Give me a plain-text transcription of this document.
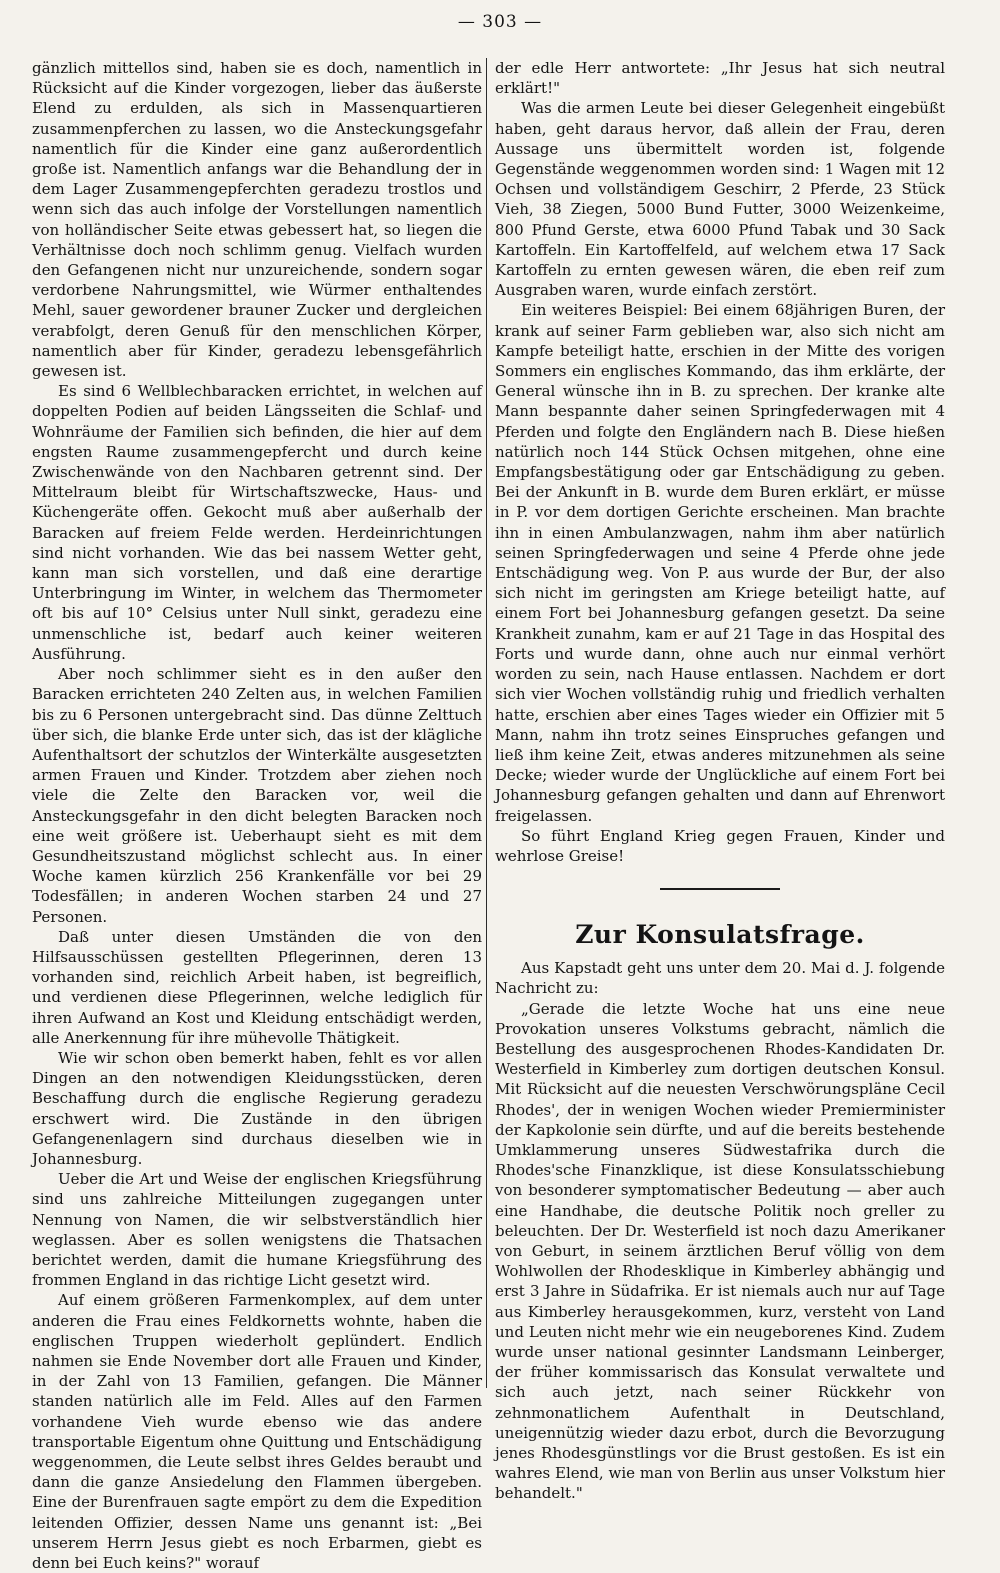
— 303 —

gänzlich mittellos sind, haben sie es doch, namentlich in Rücksicht auf die Kinder vorgezogen, lieber das äußerste Elend zu erdulden, als sich in Massenquartieren zusammenpferchen zu lassen, wo die Ansteckungsgefahr namentlich für die Kinder eine ganz außerordentlich große ist. Namentlich anfangs war die Behandlung der in dem Lager Zusammengepferchten geradezu trostlos und wenn sich das auch infolge der Vorstellungen namentlich von holländischer Seite etwas gebessert hat, so liegen die Verhältnisse doch noch schlimm genug. Vielfach wurden den Gefangenen nicht nur unzureichende, sondern sogar verdorbene Nahrungsmittel, wie Würmer enthaltendes Mehl, sauer gewordener brauner Zucker und dergleichen verabfolgt, deren Genuß für den menschlichen Körper, namentlich aber für Kinder, geradezu lebensgefährlich gewesen ist.

Es sind 6 Wellblechbaracken errichtet, in welchen auf doppelten Podien auf beiden Längsseiten die Schlaf- und Wohnräume der Familien sich befinden, die hier auf dem engsten Raume zusammengepfercht und durch keine Zwischenwände von den Nachbaren getrennt sind. Der Mittelraum bleibt für Wirtschaftszwecke, Haus- und Küchengeräte offen. Gekocht muß aber außerhalb der Baracken auf freiem Felde werden. Herdeinrichtungen sind nicht vorhanden. Wie das bei nassem Wetter geht, kann man sich vorstellen, und daß eine derartige Unterbringung im Winter, in welchem das Thermometer oft bis auf 10° Celsius unter Null sinkt, geradezu eine unmenschliche ist, bedarf auch keiner weiteren Ausführung.

Aber noch schlimmer sieht es in den außer den Baracken errichteten 240 Zelten aus, in welchen Familien bis zu 6 Personen untergebracht sind. Das dünne Zelttuch über sich, die blanke Erde unter sich, das ist der klägliche Aufenthaltsort der schutzlos der Winterkälte ausgesetzten armen Frauen und Kinder. Trotzdem aber ziehen noch viele die Zelte den Baracken vor, weil die Ansteckungsgefahr in den dicht belegten Baracken noch eine weit größere ist. Ueberhaupt sieht es mit dem Gesundheitszustand möglichst schlecht aus. In einer Woche kamen kürzlich 256 Krankenfälle vor bei 29 Todesfällen; in anderen Wochen starben 24 und 27 Personen.

Daß unter diesen Umständen die von den Hilfsausschüssen gestellten Pflegerinnen, deren 13 vorhanden sind, reichlich Arbeit haben, ist begreiflich, und verdienen diese Pflegerinnen, welche lediglich für ihren Aufwand an Kost und Kleidung entschädigt werden, alle Anerkennung für ihre mühevolle Thätigkeit.

Wie wir schon oben bemerkt haben, fehlt es vor allen Dingen an den notwendigen Kleidungsstücken, deren Beschaffung durch die englische Regierung geradezu erschwert wird. Die Zustände in den übrigen Gefangenenlagern sind durchaus dieselben wie in Johannesburg.

Ueber die Art und Weise der englischen Kriegsführung sind uns zahlreiche Mitteilungen zugegangen unter Nennung von Namen, die wir selbstverständlich hier weglassen. Aber es sollen wenigstens die Thatsachen berichtet werden, damit die humane Kriegsführung des frommen England in das richtige Licht gesetzt wird.

Auf einem größeren Farmenkomplex, auf dem unter anderen die Frau eines Feldkornetts wohnte, haben die englischen Truppen wiederholt geplündert. Endlich nahmen sie Ende November dort alle Frauen und Kinder, in der Zahl von 13 Familien, gefangen. Die Männer standen natürlich alle im Feld. Alles auf den Farmen vorhandene Vieh wurde ebenso wie das andere transportable Eigentum ohne Quittung und Entschädigung weggenommen, die Leute selbst ihres Geldes beraubt und dann die ganze Ansiedelung den Flammen übergeben. Eine der Burenfrauen sagte empört zu dem die Expedition leitenden Offizier, dessen Name uns genannt ist: „Bei unserem Herrn Jesus giebt es noch Erbarmen, giebt es denn bei Euch keins?" worauf

der edle Herr antwortete: „Ihr Jesus hat sich neutral erklärt!"

Was die armen Leute bei dieser Gelegenheit eingebüßt haben, geht daraus hervor, daß allein der Frau, deren Aussage uns übermittelt worden ist, folgende Gegenstände weggenommen worden sind: 1 Wagen mit 12 Ochsen und vollständigem Geschirr, 2 Pferde, 23 Stück Vieh, 38 Ziegen, 5000 Bund Futter, 3000 Weizenkeime, 800 Pfund Gerste, etwa 6000 Pfund Tabak und 30 Sack Kartoffeln. Ein Kartoffelfeld, auf welchem etwa 17 Sack Kartoffeln zu ernten gewesen wären, die eben reif zum Ausgraben waren, wurde einfach zerstört.

Ein weiteres Beispiel: Bei einem 68jährigen Buren, der krank auf seiner Farm geblieben war, also sich nicht am Kampfe beteiligt hatte, erschien in der Mitte des vorigen Sommers ein englisches Kommando, das ihm erklärte, der General wünsche ihn in B. zu sprechen. Der kranke alte Mann bespannte daher seinen Springfederwagen mit 4 Pferden und folgte den Engländern nach B. Diese hießen natürlich noch 144 Stück Ochsen mitgehen, ohne eine Empfangsbestätigung oder gar Entschädigung zu geben. Bei der Ankunft in B. wurde dem Buren erklärt, er müsse in P. vor dem dortigen Gerichte erscheinen. Man brachte ihn in einen Ambulanzwagen, nahm ihm aber natürlich seinen Springfederwagen und seine 4 Pferde ohne jede Entschädigung weg. Von P. aus wurde der Bur, der also sich nicht im geringsten am Kriege beteiligt hatte, auf einem Fort bei Johannesburg gefangen gesetzt. Da seine Krankheit zunahm, kam er auf 21 Tage in das Hospital des Forts und wurde dann, ohne auch nur einmal verhört worden zu sein, nach Hause entlassen. Nachdem er dort sich vier Wochen vollständig ruhig und friedlich verhalten hatte, erschien aber eines Tages wieder ein Offizier mit 5 Mann, nahm ihn trotz seines Einspruches gefangen und ließ ihm keine Zeit, etwas anderes mitzunehmen als seine Decke; wieder wurde der Unglückliche auf einem Fort bei Johannesburg gefangen gehalten und dann auf Ehrenwort freigelassen.

So führt England Krieg gegen Frauen, Kinder und wehrlose Greise!

Zur Konsulatsfrage.

Aus Kapstadt geht uns unter dem 20. Mai d. J. folgende Nachricht zu:

„Gerade die letzte Woche hat uns eine neue Provokation unseres Volkstums gebracht, nämlich die Bestellung des ausgesprochenen Rhodes-Kandidaten Dr. Westerfield in Kimberley zum dortigen deutschen Konsul. Mit Rücksicht auf die neuesten Verschwörungspläne Cecil Rhodes', der in wenigen Wochen wieder Premierminister der Kapkolonie sein dürfte, und auf die bereits bestehende Umklammerung unseres Südwestafrika durch die Rhodes'sche Finanzklique, ist diese Konsulatsschiebung von besonderer symptomatischer Bedeutung — aber auch eine Handhabe, die deutsche Politik noch greller zu beleuchten. Der Dr. Westerfield ist noch dazu Amerikaner von Geburt, in seinem ärztlichen Beruf völlig von dem Wohlwollen der Rhodesklique in Kimberley abhängig und erst 3 Jahre in Südafrika. Er ist niemals auch nur auf Tage aus Kimberley herausgekommen, kurz, versteht von Land und Leuten nicht mehr wie ein neugeborenes Kind. Zudem wurde unser national gesinnter Landsmann Leinberger, der früher kommissarisch das Konsulat verwaltete und sich auch jetzt, nach seiner Rückkehr von zehnmonatlichem Aufenthalt in Deutschland, uneigennützig wieder dazu erbot, durch die Bevorzugung jenes Rhodesgünstlings vor die Brust gestoßen. Es ist ein wahres Elend, wie man von Berlin aus unser Volkstum hier behandelt."
